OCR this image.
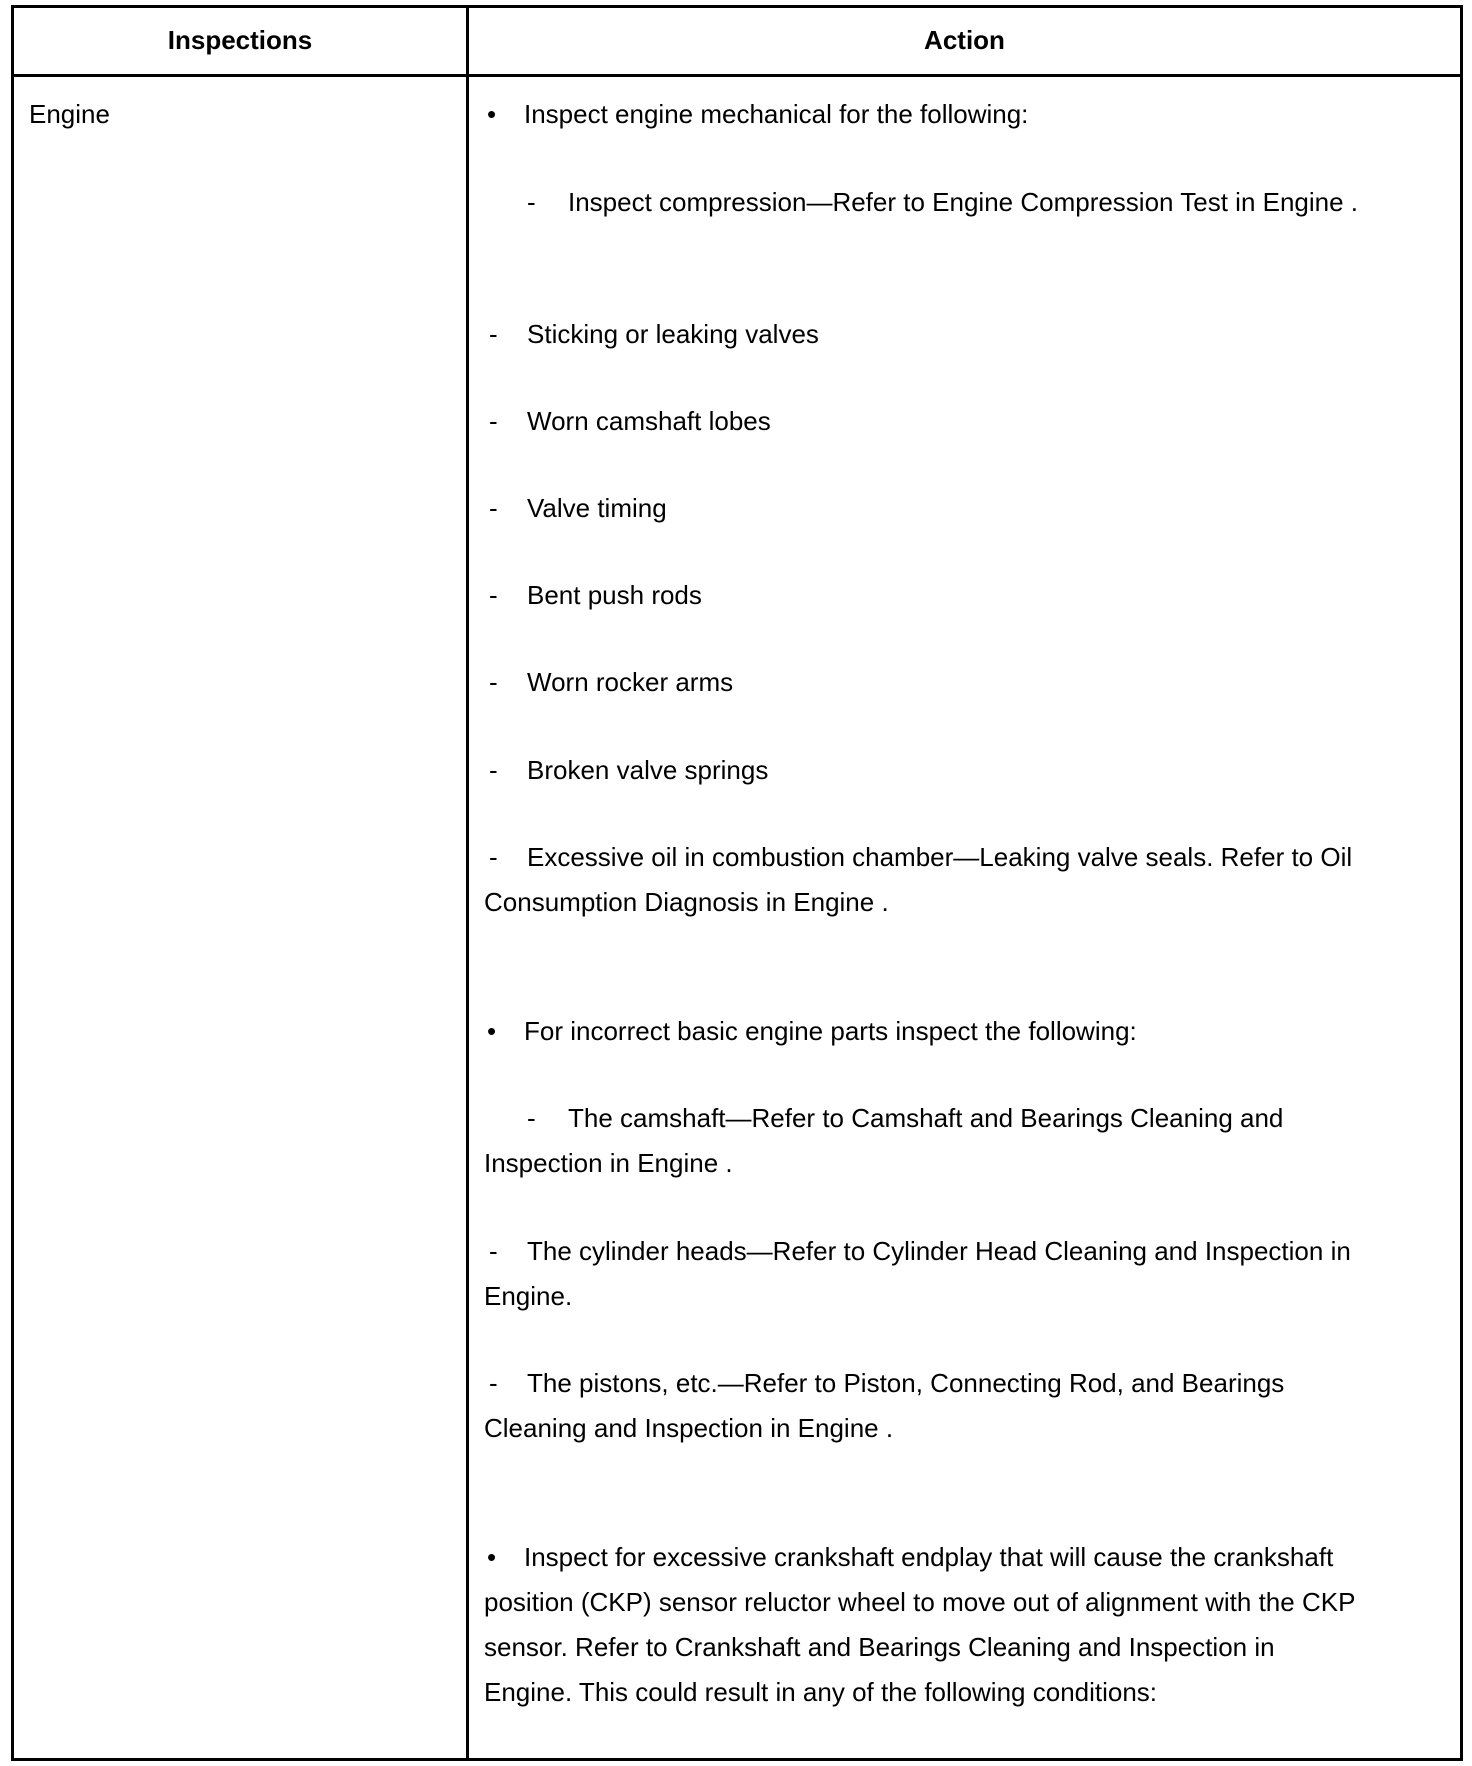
Inspections	Action
Engine	• Inspect engine mechanical for the following:
- Inspect compression—Refer to Engine Compression Test in Engine .
- Sticking or leaking valves
- Worn camshaft lobes
- Valve timing
- Bent push rods
- Worn rocker arms
- Broken valve springs
- Excessive oil in combustion chamber—Leaking valve seals. Refer to Oil Consumption Diagnosis in Engine .
• For incorrect basic engine parts inspect the following:
- The camshaft—Refer to Camshaft and Bearings Cleaning and Inspection in Engine .
- The cylinder heads—Refer to Cylinder Head Cleaning and Inspection in Engine.
- The pistons, etc.—Refer to Piston, Connecting Rod, and Bearings Cleaning and Inspection in Engine .
• Inspect for excessive crankshaft endplay that will cause the crankshaft position (CKP) sensor reluctor wheel to move out of alignment with the CKP sensor. Refer to Crankshaft and Bearings Cleaning and Inspection in Engine. This could result in any of the following conditions:
